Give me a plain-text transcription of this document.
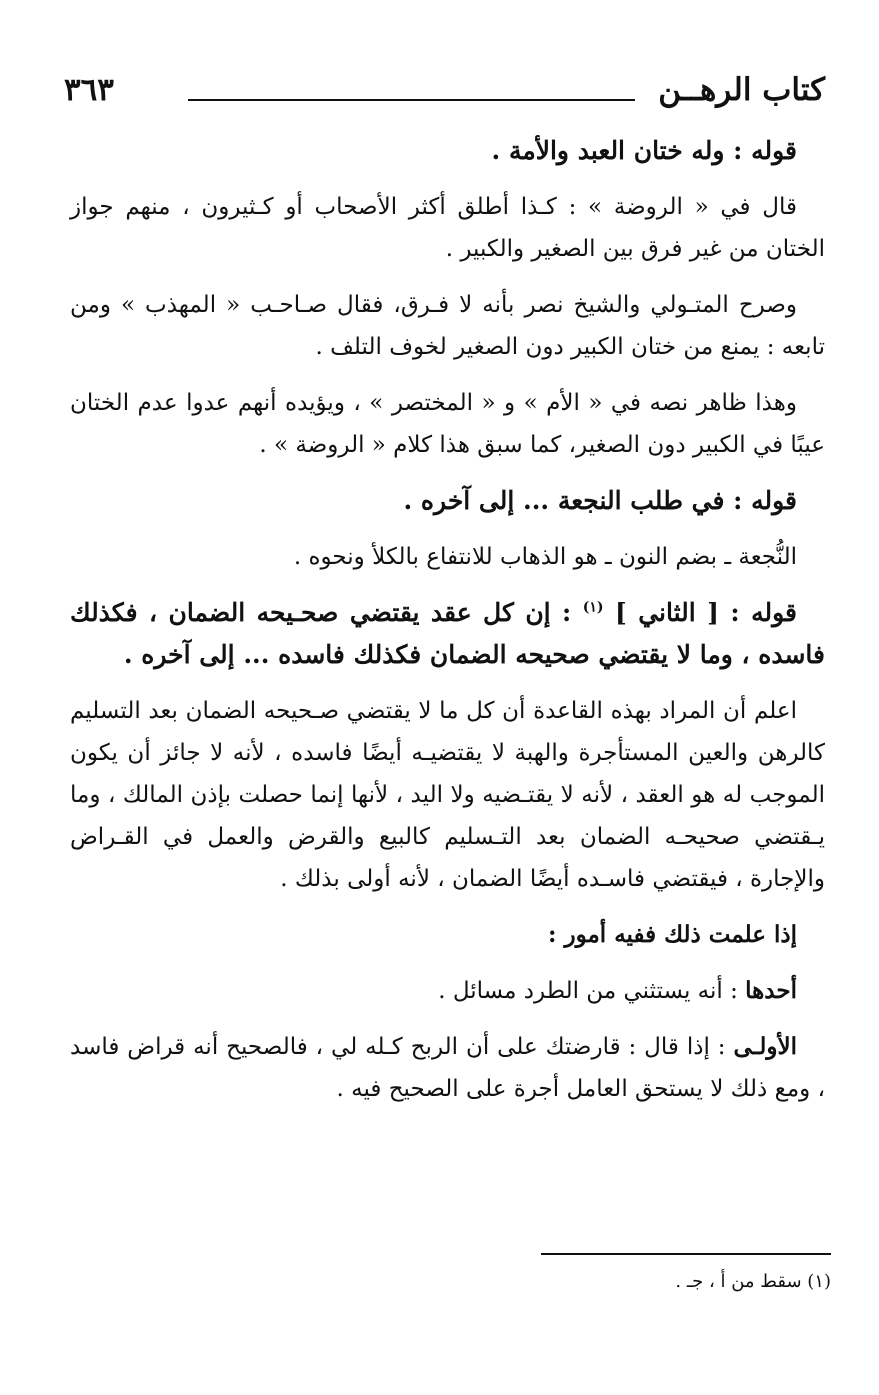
كتاب الرهــن
٣٦٣

قوله : وله ختان العبد والأمة .

قال في « الروضة » : كـذا أطلق أكثر الأصحاب أو كـثيرون ، منهم جواز الختان من غير فرق بين الصغير والكبير .

وصرح المتـولي والشيخ نصر بأنه لا فـرق، فقال صـاحـب « المهذب » ومن تابعه : يمنع من ختان الكبير دون الصغير لخوف التلف .

وهذا ظاهر نصه في « الأم » و « المختصر » ، ويؤيده أنهم عدوا عدم الختان عيبًا في الكبير دون الصغير، كما سبق هذا كلام « الروضة » .

قوله : في طلب النجعة ... إلى آخره .

النُّجعة ـ بضم النون ـ هو الذهاب للانتفاع بالكلأ ونحوه .

قوله : [ الثاني ] $^{(١)}$ : إن كل عقد يقتضي صحـيحه الضمان ، فكذلك فاسده ، وما لا يقتضي صحيحه الضمان فكذلك فاسده ... إلى آخره .

اعلم أن المراد بهذه القاعدة أن كل ما لا يقتضي صـحيحه الضمان بعد التسليم كالرهن والعين المستأجرة والهبة لا يقتضيـه أيضًا فاسده ، لأنه لا جائز أن يكون الموجب له هو العقد ، لأنه لا يقتـضيه ولا اليد ، لأنها إنما حصلت بإذن المالك ، وما يـقتضي صحيحـه الضمان بعد التـسليم كالبيع والقرض والعمل في القـراض والإجارة ، فيقتضي فاسـده أيضًا الضمان ، لأنه أولى بذلك .

إذا علمت ذلك ففيه أمور :

أحدها : أنه يستثني من الطرد مسائل .

الأولـى : إذا قال : قارضتك على أن الربح كـله لي ، فالصحيح أنه قراض فاسد ، ومع ذلك لا يستحق العامل أجرة على الصحيح فيه .

(١) سقط من أ ، جـ .
